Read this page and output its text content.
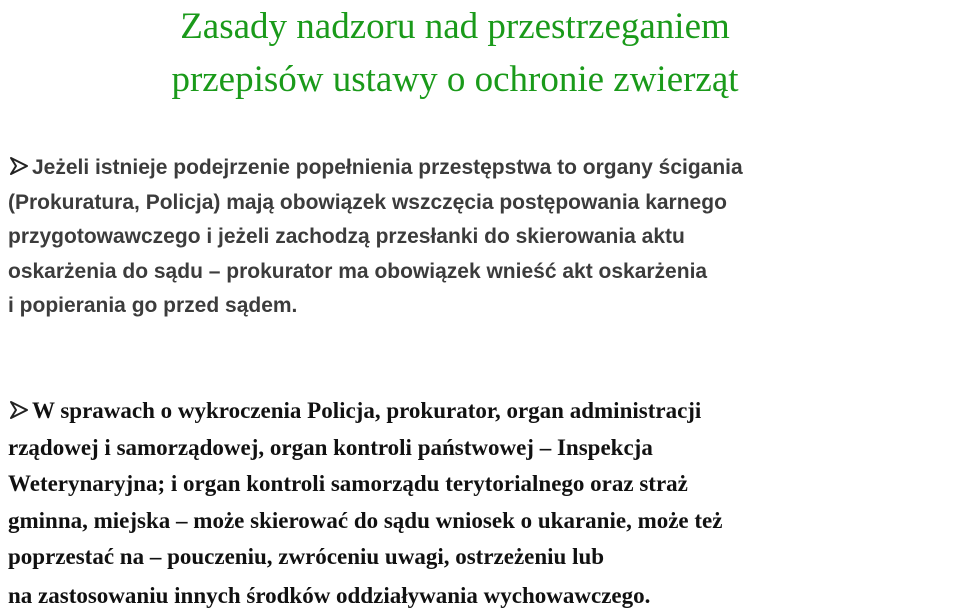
Zasady nadzoru nad przestrzeganiem
przepisów ustawy o ochronie zwierząt
Jeżeli istnieje podejrzenie popełnienia przestępstwa to organy ścigania
(Prokuratura, Policja) mają obowiązek wszczęcia postępowania karnego
przygotowawczego i jeżeli zachodzą przesłanki do skierowania aktu
oskarżenia do sądu – prokurator ma obowiązek wnieść akt oskarżenia
i popierania go przed sądem.
W sprawach o wykroczenia Policja, prokurator, organ administracji
rządowej i samorządowej, organ kontroli państwowej – Inspekcja
Weterynaryjna; i organ kontroli samorządu terytorialnego oraz straż
gminna, miejska – może skierować do sądu wniosek o ukaranie, może też
poprzestać na – pouczeniu, zwróceniu uwagi, ostrzeżeniu lub
na zastosowaniu innych środków oddziaływania wychowawczego.
